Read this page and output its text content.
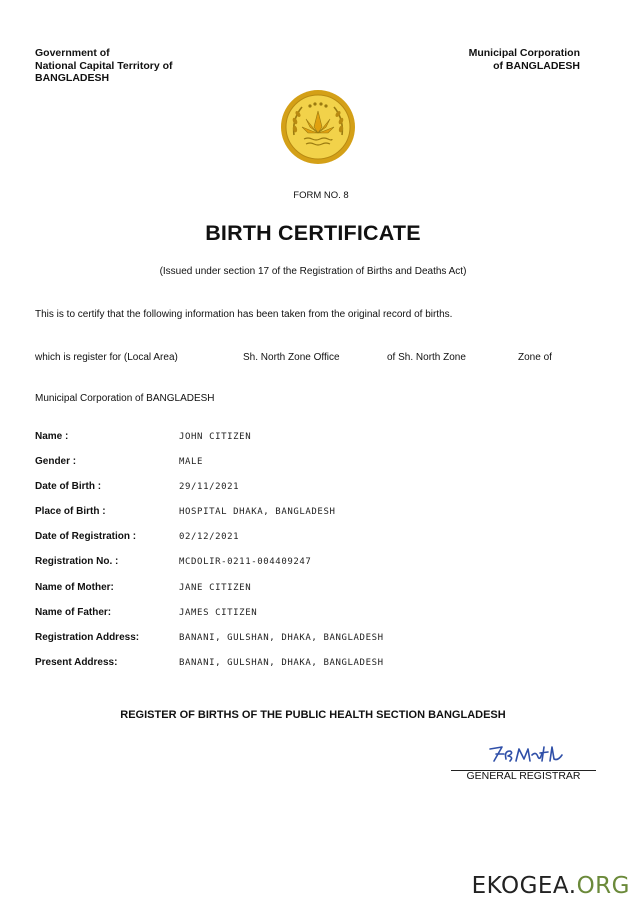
Government of
National Capital Territory of
BANGLADESH
Municipal Corporation
of BANGLADESH
FORM NO. 8
BIRTH CERTIFICATE
(Issued under section 17 of the Registration of Births and Deaths Act)
This is to certify that the following information has been taken from the original record of births.
which is register for (Local Area)	Sh. North Zone Office	of Sh. North Zone	Zone of
Municipal Corporation of BANGLADESH
Name :	JOHN CITIZEN
Gender :	MALE
Date of Birth :	29/11/2021
Place of Birth :	HOSPITAL DHAKA, BANGLADESH
Date of Registration :	02/12/2021
Registration No. :	MCDOLIR-0211-004409247
Name of Mother:	JANE CITIZEN
Name of Father:	JAMES CITIZEN
Registration Address:	BANANI, GULSHAN, DHAKA, BANGLADESH
Present Address:	BANANI, GULSHAN, DHAKA, BANGLADESH
REGISTER OF BIRTHS OF THE PUBLIC HEALTH SECTION BANGLADESH
GENERAL REGISTRAR
EKOGEA.ORG
